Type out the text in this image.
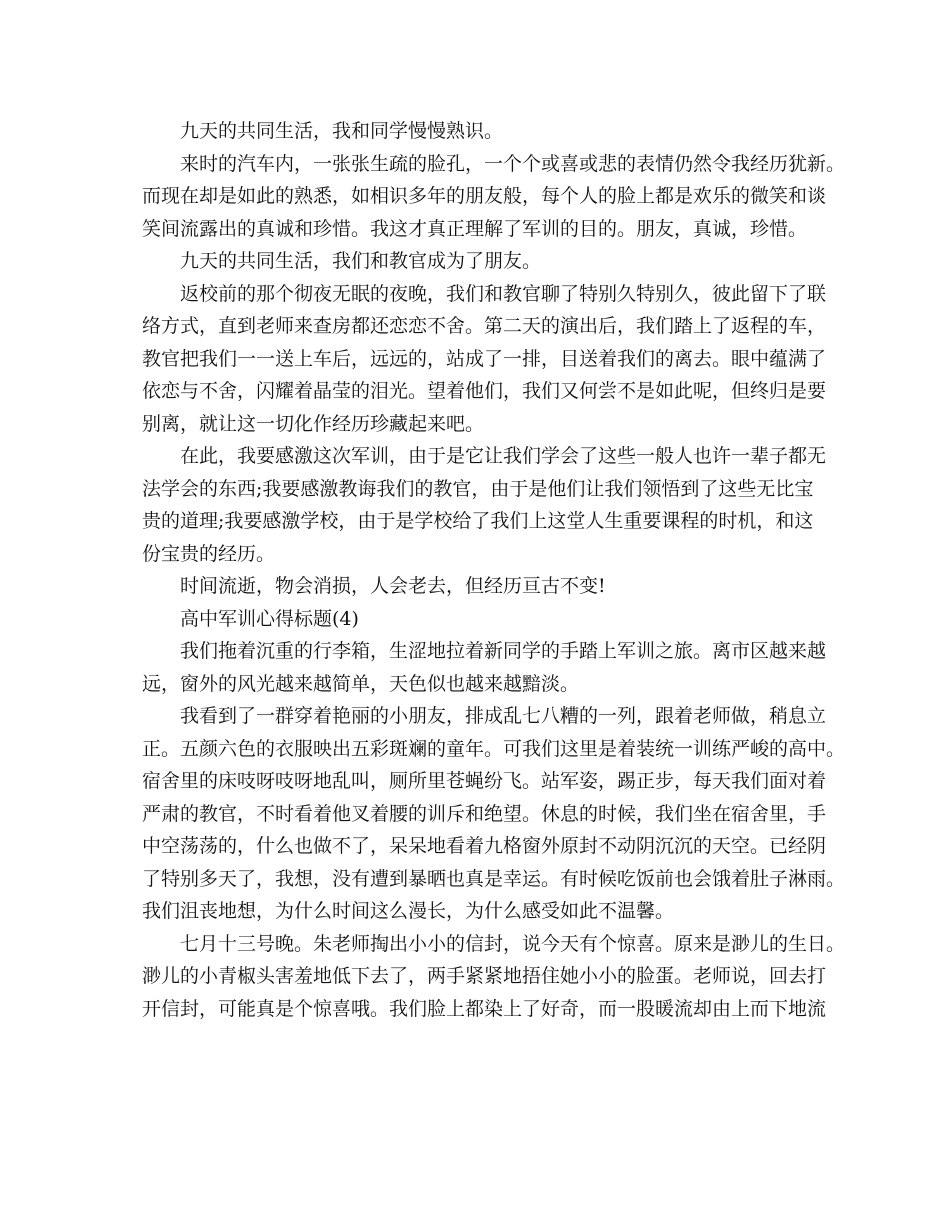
九天的共同生活，我和同学慢慢熟识。
来时的汽车内，一张张生疏的脸孔，一个个或喜或悲的表情仍然令我经历犹新。
而现在却是如此的熟悉，如相识多年的朋友般，每个人的脸上都是欢乐的微笑和谈
笑间流露出的真诚和珍惜。我这才真正理解了军训的目的。朋友，真诚，珍惜。
九天的共同生活，我们和教官成为了朋友。
返校前的那个彻夜无眠的夜晚，我们和教官聊了特别久特别久，彼此留下了联
络方式，直到老师来查房都还恋恋不舍。第二天的演出后，我们踏上了返程的车，
教官把我们一一送上车后，远远的，站成了一排，目送着我们的离去。眼中蕴满了
依恋与不舍，闪耀着晶莹的泪光。望着他们，我们又何尝不是如此呢，但终归是要
别离，就让这一切化作经历珍藏起来吧。
在此，我要感激这次军训，由于是它让我们学会了这些一般人也许一辈子都无
法学会的东西;我要感激教诲我们的教官，由于是他们让我们领悟到了这些无比宝
贵的道理;我要感激学校，由于是学校给了我们上这堂人生重要课程的时机，和这
份宝贵的经历。
时间流逝，物会消损，人会老去，但经历亘古不变!
高中军训心得标题(4)
我们拖着沉重的行李箱，生涩地拉着新同学的手踏上军训之旅。离市区越来越
远，窗外的风光越来越简单，天色似也越来越黯淡。
我看到了一群穿着艳丽的小朋友，排成乱七八糟的一列，跟着老师做，稍息立
正。五颜六色的衣服映出五彩斑斓的童年。可我们这里是着装统一训练严峻的高中。
宿舍里的床吱呀吱呀地乱叫，厕所里苍蝇纷飞。站军姿，踢正步，每天我们面对着
严肃的教官，不时看着他叉着腰的训斥和绝望。休息的时候，我们坐在宿舍里，手
中空荡荡的，什么也做不了，呆呆地看着九格窗外原封不动阴沉沉的天空。已经阴
了特别多天了，我想，没有遭到暴晒也真是幸运。有时候吃饭前也会饿着肚子淋雨。
我们沮丧地想，为什么时间这么漫长，为什么感受如此不温馨。
七月十三号晚。朱老师掏出小小的信封，说今天有个惊喜。原来是渺儿的生日。
渺儿的小青椒头害羞地低下去了，两手紧紧地捂住她小小的脸蛋。老师说，回去打
开信封，可能真是个惊喜哦。我们脸上都染上了好奇，而一股暖流却由上而下地流
